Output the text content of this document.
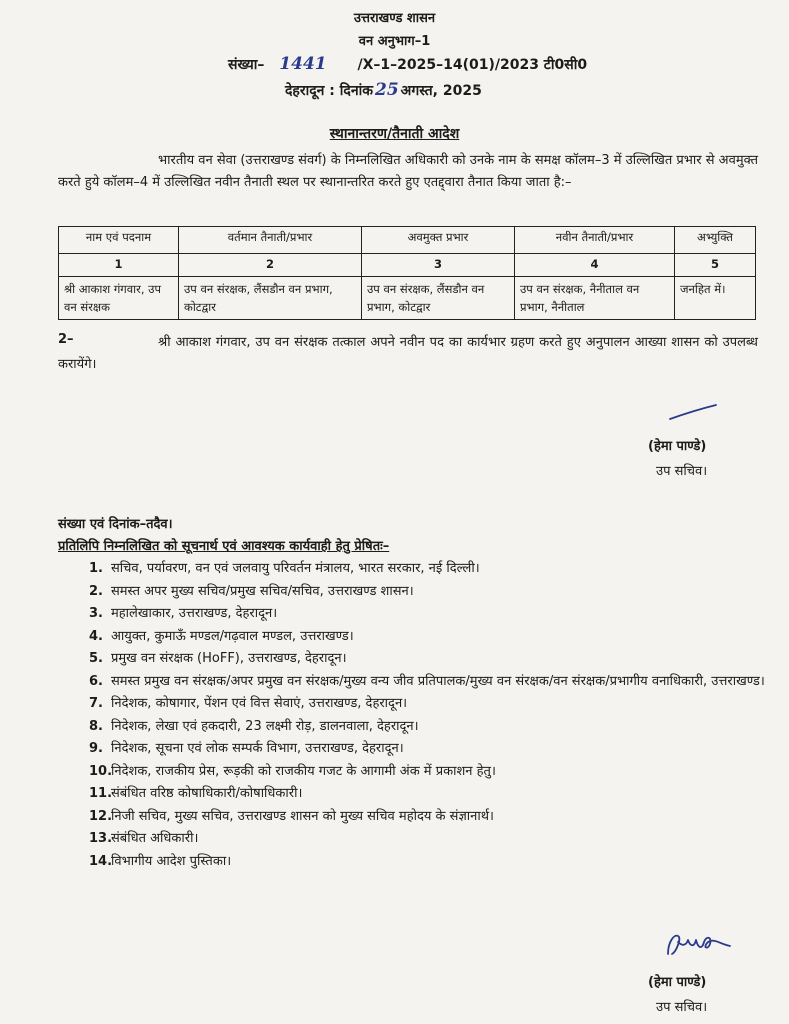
उत्तराखण्ड शासन
वन अनुभाग–1
संख्या– 1441 /X–1–2025–14(01)/2023 टी0सी0
देहरादून : दिनांक 25 अगस्त, 2025
स्थानान्तरण/तैनाती आदेश
भारतीय वन सेवा (उत्तराखण्ड संवर्ग) के निम्नलिखित अधिकारी को उनके नाम के समक्ष कॉलम–3 में उल्लिखित प्रभार से अवमुक्त करते हुये कॉलम–4 में उल्लिखित नवीन तैनाती स्थल पर स्थानान्तरित करते हुए एतद्द्वारा तैनात किया जाता है:–
नाम एवं पदनाम	वर्तमान तैनाती/प्रभार	अवमुक्त प्रभार	नवीन तैनाती/प्रभार	अभ्युक्ति
1	2	3	4	5
श्री आकाश गंगवार, उप वन संरक्षक	उप वन संरक्षक, लैंसडौन वन प्रभाग, कोटद्वार	उप वन संरक्षक, लैंसडौन वन प्रभाग, कोटद्वार	उप वन संरक्षक, नैनीताल वन प्रभाग, नैनीताल	जनहित में।
2–	श्री आकाश गंगवार, उप वन संरक्षक तत्काल अपने नवीन पद का कार्यभार ग्रहण करते हुए अनुपालन आख्या शासन को उपलब्ध करायेंगे।
(हेमा पाण्डे)
उप सचिव।
संख्या एवं दिनांक–तदैव।
प्रतिलिपि निम्नलिखित को सूचनार्थ एवं आवश्यक कार्यवाही हेतु प्रेषितः–
1. सचिव, पर्यावरण, वन एवं जलवायु परिवर्तन मंत्रालय, भारत सरकार, नई दिल्ली।
2. समस्त अपर मुख्य सचिव/प्रमुख सचिव/सचिव, उत्तराखण्ड शासन।
3. महालेखाकार, उत्तराखण्ड, देहरादून।
4. आयुक्त, कुमाऊँ मण्डल/गढ़वाल मण्डल, उत्तराखण्ड।
5. प्रमुख वन संरक्षक (HoFF), उत्तराखण्ड, देहरादून।
6. समस्त प्रमुख वन संरक्षक/अपर प्रमुख वन संरक्षक/मुख्य वन्य जीव प्रतिपालक/मुख्य वन संरक्षक/वन संरक्षक/प्रभागीय वनाधिकारी, उत्तराखण्ड।
7. निदेशक, कोषागार, पेंशन एवं वित्त सेवाएं, उत्तराखण्ड, देहरादून।
8. निदेशक, लेखा एवं हकदारी, 23 लक्ष्मी रोड़, डालनवाला, देहरादून।
9. निदेशक, सूचना एवं लोक सम्पर्क विभाग, उत्तराखण्ड, देहरादून।
10.
निदेशक, राजकीय प्रेस, रूड़की को राजकीय गजट के आगामी अंक में प्रकाशन हेतु।
11.
संबंधित वरिष्ठ कोषाधिकारी/कोषाधिकारी।
12.
निजी सचिव, मुख्य सचिव, उत्तराखण्ड शासन को मुख्य सचिव महोदय के संज्ञानार्थ।
13.
संबंधित अधिकारी।
14.
विभागीय आदेश पुस्तिका।
(हेमा पाण्डे)
उप सचिव।
